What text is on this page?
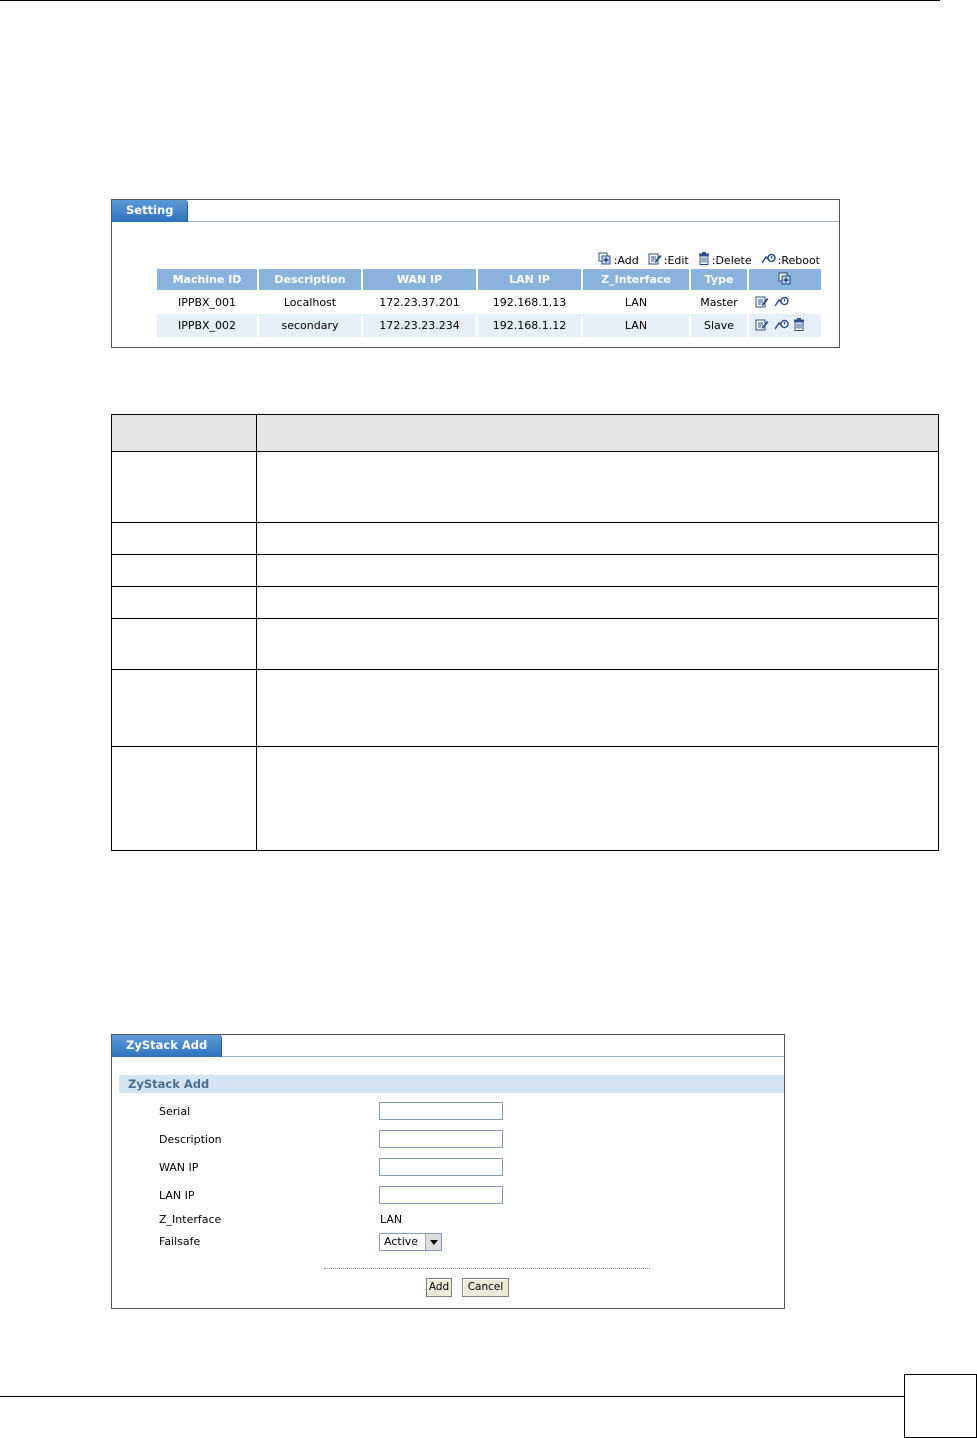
Setting
:Add :Edit :Delete :Reboot
Machine ID	Description	WAN IP	LAN IP	Z_Interface	Type	
IPPBX_001	Localhost	172.23.37.201	192.168.1.13	LAN	Master	
IPPBX_002	secondary	172.23.23.234	192.168.1.12	LAN	Slave	

ZyStack Add
ZyStack Add
Serial
Description
WAN IP
LAN IP
Z_Interface	LAN
Failsafe	Active
Add	Cancel
